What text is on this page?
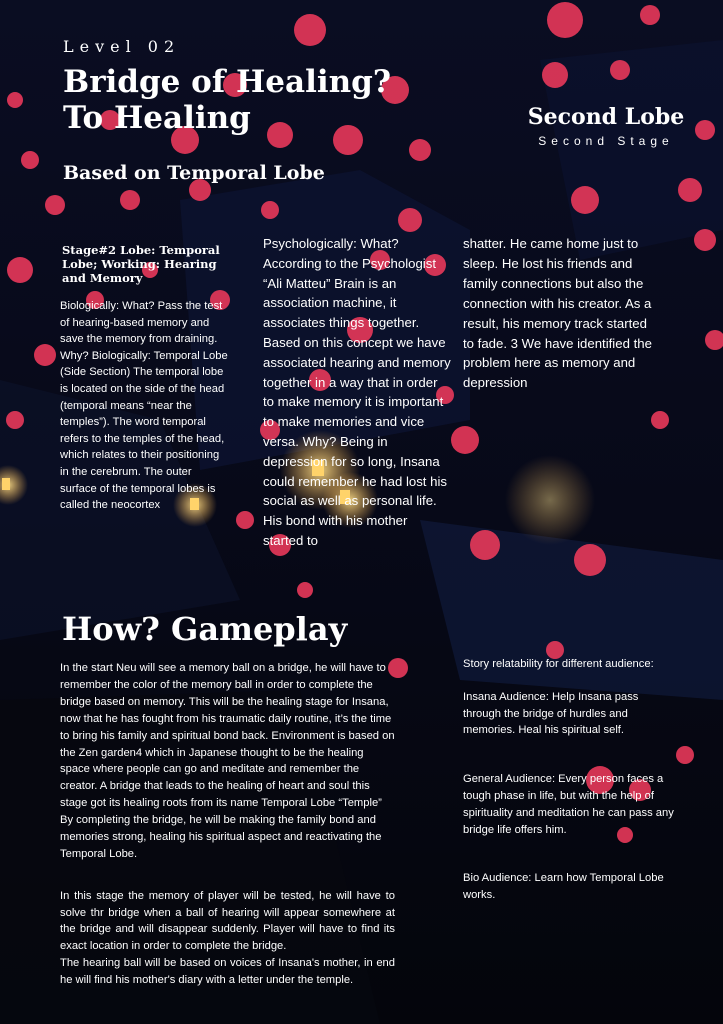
Level 02
Bridge of Healing? To Healing
Based on Temporal Lobe
Second Lobe
Second Stage
Stage#2 Lobe: Temporal Lobe; Working: Hearing and Memory
Biologically: What? Pass the test of hearing-based memory and save the memory from draining. Why? Biologically: Temporal Lobe (Side Section) The temporal lobe is located on the side of the head (temporal means “near the temples”). The word temporal refers to the temples of the head, which relates to their positioning in the cerebrum. The outer surface of the temporal lobes is called the neocortex
Psychologically: What? According to the Psychologist “Ali Matteu” Brain is an association machine, it associates things together. Based on this concept we have associated hearing and memory together in a way that in order to make memory it is important to make memories and vice versa. Why? Being in depression for so long, Insana could remember he had lost his social as well as personal life. His bond with his mother started to
shatter. He came home just to sleep. He lost his friends and family connections but also the connection with his creator. As a result, his memory track started to fade. 3 We have identified the problem here as memory and depression
How? Gameplay
In the start Neu will see a memory ball on a bridge, he will have to remember the color of the memory ball in order to complete the bridge based on memory. This will be the healing stage for Insana, now that he has fought from his traumatic daily routine, it’s the time to bring his family and spiritual bond back. Environment is based on the Zen garden4 which in Japanese thought to be the healing space where people can go and meditate and remember the creator. A bridge that leads to the healing of heart and soul this stage got its healing roots from its name Temporal Lobe “Temple” By completing the bridge, he will be making the family bond and memories strong, healing his spiritual aspect and reactivating the Temporal Lobe.

In this stage the memory of player will be tested, he will have to solve thr bridge when a ball of hearing will appear somewhere at the bridge and will disappear suddenly. Player will have to find its exact location in order to complete the bridge.

The hearing ball will be based on voices of Insana's mother, in end he will find his mother's diary with a letter under the temple.

Story relatability for different audience:

Insana Audience: Help Insana pass through the bridge of hurdles and memories. Heal his spiritual self.

General Audience: Every person faces a tough phase in life, but with the help of spirituality and meditation he can pass any bridge life offers him.

Bio Audience: Learn how Temporal Lobe works.
